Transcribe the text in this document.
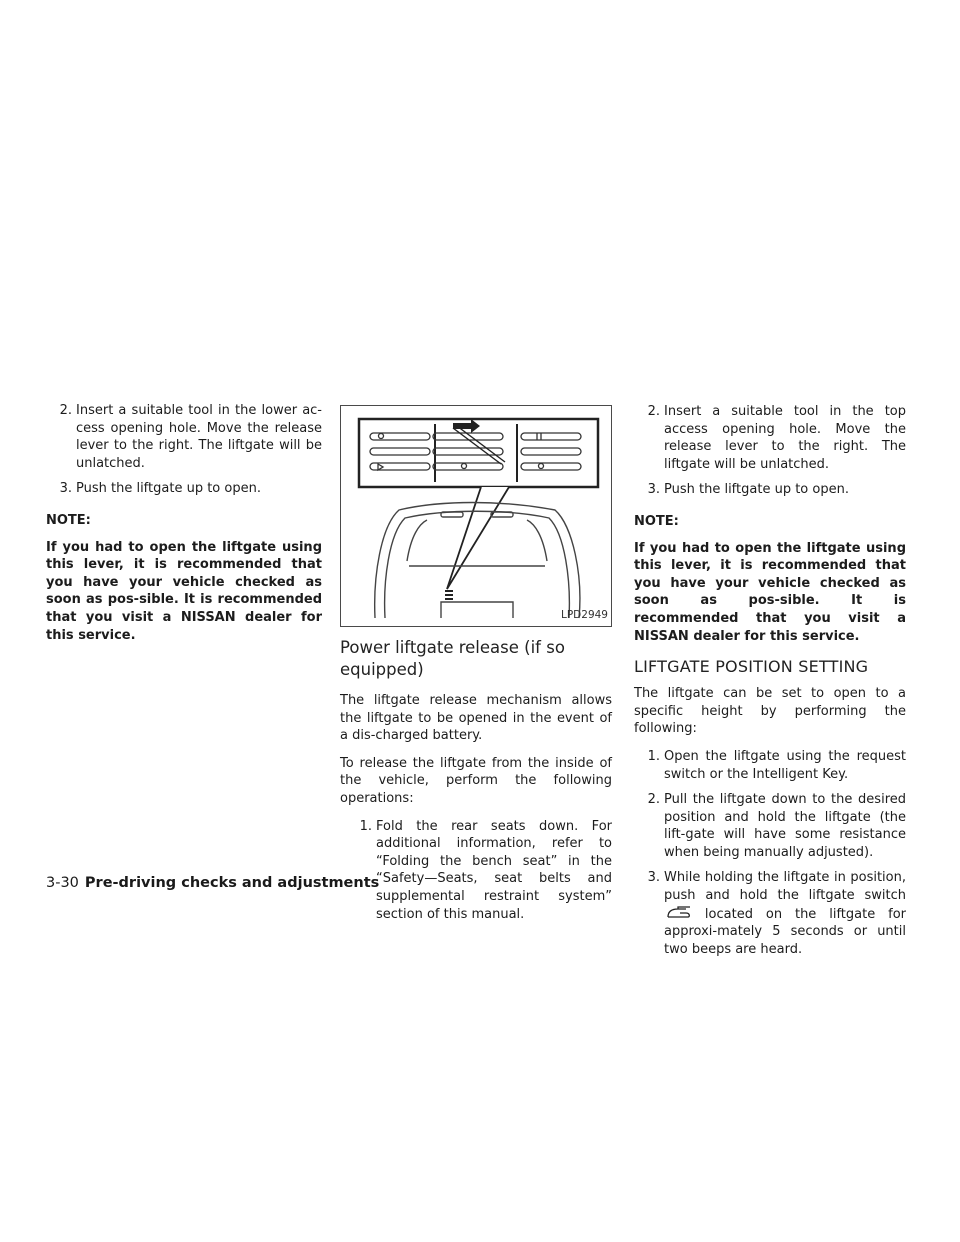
2. Insert a suitable tool in the lower ac-cess opening hole. Move the release lever to the right. The liftgate will be unlatched.
3. Push the liftgate up to open.
NOTE:
If you had to open the liftgate using this lever, it is recommended that you have your vehicle checked as soon as pos-sible. It is recommended that you visit a NISSAN dealer for this service.
LPD2949
Power liftgate release (if so equipped)

The liftgate release mechanism allows the liftgate to be opened in the event of a dis-charged battery.

To release the liftgate from the inside of the vehicle, perform the following operations:

1. Fold the rear seats down. For additional information, refer to “Folding the bench seat” in the “Safety—Seats, seat belts and supplemental restraint system” section of this manual.
2. Insert a suitable tool in the top access opening hole. Move the release lever to the right. The liftgate will be unlatched.
3. Push the liftgate up to open.
NOTE:
If you had to open the liftgate using this lever, it is recommended that you have your vehicle checked as soon as pos-sible. It is recommended that you visit a NISSAN dealer for this service.
LIFTGATE POSITION SETTING

The liftgate can be set to open to a specific height by performing the following:

1. Open the liftgate using the request switch or the Intelligent Key.
2. Pull the liftgate down to the desired position and hold the liftgate (the lift-gate will have some resistance when being manually adjusted).
3. While holding the liftgate in position, push and hold the liftgate switch  located on the liftgate for approxi-mately 5 seconds or until two beeps are heard.
3-30 Pre-driving checks and adjustments
